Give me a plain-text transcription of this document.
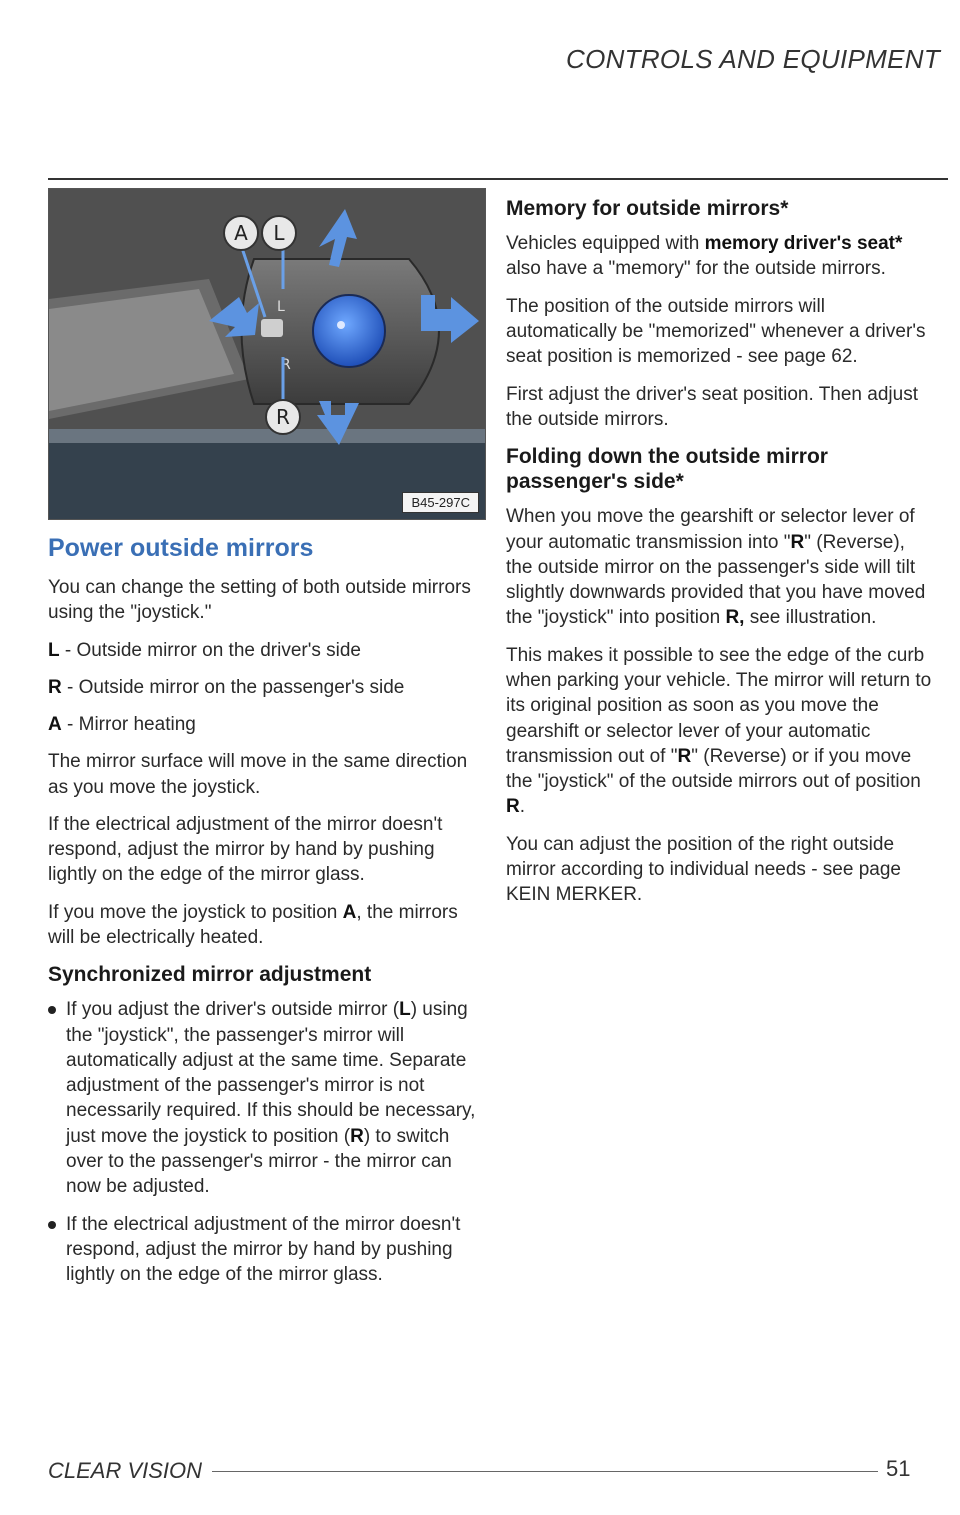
CONTROLS AND EQUIPMENT
L
R
A L
R
B45-297C
Power outside mirrors

You can change the setting of both outside mirrors using the "joystick."

L - Outside mirror on the driver's side

R - Outside mirror on the passenger's side

A - Mirror heating

The mirror surface will move in the same direction as you move the joystick.

If the electrical adjustment of the mirror doesn't respond, adjust the mirror by hand by pushing lightly on the edge of the mirror glass.

If you move the joystick to position A, the mirrors will be electrically heated.

Synchronized mirror adjustment

If you adjust the driver's outside mirror (L) using the "joystick", the passenger's mirror will automatically adjust at the same time. Separate adjustment of the passenger's mirror is not necessarily required. If this should be necessary, just move the joystick to position (R) to switch over to the passenger's mirror - the mirror can now be adjusted.

If the electrical adjustment of the mirror doesn't respond, adjust the mirror by hand by pushing lightly on the edge of the mirror glass.

Memory for outside mirrors*

Vehicles equipped with memory driver's seat* also have a "memory" for the outside mirrors.

The position of the outside mirrors will automatically be "memorized" whenever a driver's seat position is memorized - see page 62.

First adjust the driver's seat position. Then adjust the outside mirrors.

Folding down the outside mirror passenger's side*

When you move the gearshift or selector lever of your automatic transmission into "R" (Reverse), the outside mirror on the passenger's side will tilt slightly downwards provided that you have moved the "joystick" into position R, see illustration.

This makes it possible to see the edge of the curb when parking your vehicle. The mirror will return to its original position as soon as you move the gearshift or selector lever of your automatic transmission out of "R" (Reverse) or if you move the "joystick" of the outside mirrors out of position R.

You can adjust the position of the right outside mirror according to individual needs - see page KEIN MERKER.

CLEAR VISION	51
